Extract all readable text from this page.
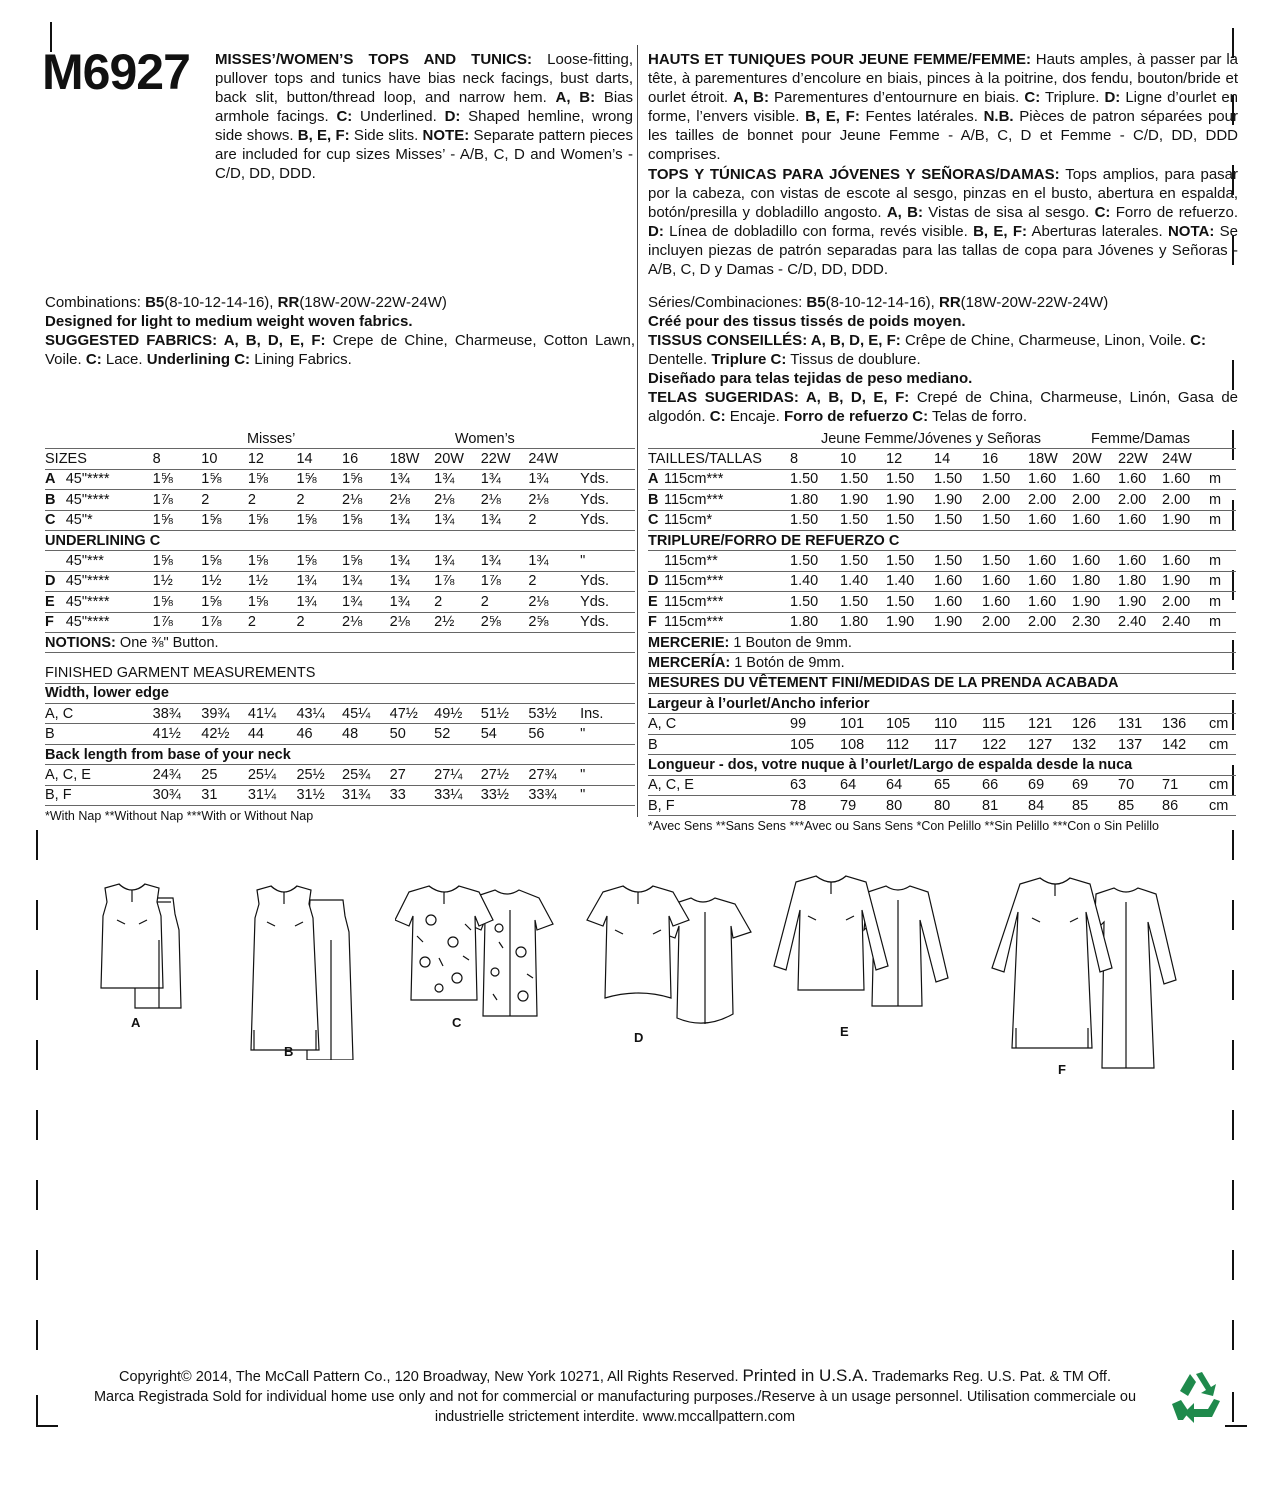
M6927 MISSES’/WOMEN’S TOPS AND TUNICS: Loose-fitting, pullover tops and tunics have bias neck facings, bust darts, back slit, button/thread loop, and narrow hem. A, B: Bias armhole facings. C: Underlined. D: Shaped hemline, wrong side shows. B, E, F: Side slits. NOTE: Separate pattern pieces are included for cup sizes Misses’ - A/B, C, D and Women’s - C/D, DD, DDD.
HAUTS ET TUNIQUES POUR JEUNE FEMME/FEMME: Hauts amples, à passer par la tête, à parementures d’encolure en biais, pinces à la poitrine, dos fendu, bouton/bride et ourlet étroit. A, B: Parementures d’entournure en biais. C: Triplure. D: Ligne d’ourlet en forme, l’envers visible. B, E, F: Fentes latérales. N.B. Pièces de patron séparées pour les tailles de bonnet pour Jeune Femme - A/B, C, D et Femme - C/D, DD, DDD comprises.
TOPS Y TÚNICAS PARA JÓVENES Y SEÑORAS/DAMAS: Tops amplios, para pasar por la cabeza, con vistas de escote al sesgo, pinzas en el busto, abertura en espalda, botón/presilla y dobladillo angosto. A, B: Vistas de sisa al sesgo. C: Forro de refuerzo. D: Línea de dobladillo con forma, revés visible. B, E, F: Aberturas laterales. NOTA: Se incluyen piezas de patrón separadas para las tallas de copa para Jóvenes y Señoras - A/B, C, D y Damas - C/D, DD, DDD.
Combinations: B5(8-10-12-14-16), RR(18W-20W-22W-24W)
Designed for light to medium weight woven fabrics.
SUGGESTED FABRICS: A, B, D, E, F: Crepe de Chine, Charmeuse, Cotton Lawn, Voile. C: Lace. Underlining C: Lining Fabrics.
Séries/Combinaciones: B5(8-10-12-14-16), RR(18W-20W-22W-24W)
Créé pour des tissus tissés de poids moyen.
TISSUS CONSEILLÉS: A, B, D, E, F: Crêpe de Chine, Charmeuse, Linon, Voile. C: Dentelle. Triplure C: Tissus de doublure.
Diseñado para telas tejidas de peso mediano.
TELAS SUGERIDAS: A, B, D, E, F: Crepé de China, Charmeuse, Linón, Gasa de algodón. C: Encaje. Forro de refuerzo C: Telas de forro.
		Misses’					Women’s				
SIZES		8	10	12	14	16	18W	20W	22W	24W	
A	45"****	1⅝	1⅝	1⅝	1⅝	1⅝	1¾	1¾	1¾	1¾	Yds.
B	45"****	1⅞	2	2	2	2⅛	2⅛	2⅛	2⅛	2⅛	Yds.
C	45"*	1⅝	1⅝	1⅝	1⅝	1⅝	1¾	1¾	1¾	2	Yds.
UNDERLINING C											
	45"***	1⅝	1⅝	1⅝	1⅝	1⅝	1¾	1¾	1¾	1¾	"
D	45"****	1½	1½	1½	1¾	1¾	1¾	1⅞	1⅞	2	Yds.
E	45"****	1⅝	1⅝	1⅝	1¾	1¾	1¾	2	2	2⅛	Yds.
F	45"****	1⅞	1⅞	2	2	2⅛	2⅛	2½	2⅝	2⅝	Yds.
NOTIONS: One ⅜" Button.											

FINISHED GARMENT MEASUREMENTS											
Width, lower edge											
A, C		38¾	39¾	41¼	43¼	45¼	47½	49½	51½	53½	Ins.
B		41½	42½	44	46	48	50	52	54	56	"
Back length from base of your neck											
A, C, E		24¾	25	25¼	25½	25¾	27	27¼	27½	27¾	"
B, F		30¾	31	31¼	31½	31¾	33	33¼	33½	33¾	"
*With Nap **Without Nap ***With or Without Nap											
		Jeune Femme/Jóvenes y Señoras						Femme/Damas			
TAILLES/TALLAS		8	10	12	14	16	18W	20W	22W	24W	
A	115cm***	1.50	1.50	1.50	1.50	1.50	1.60	1.60	1.60	1.60	m
B	115cm***	1.80	1.90	1.90	1.90	2.00	2.00	2.00	2.00	2.00	m
C	115cm*	1.50	1.50	1.50	1.50	1.50	1.60	1.60	1.60	1.90	m
TRIPLURE/FORRO DE REFUERZO C											
	115cm**	1.50	1.50	1.50	1.50	1.50	1.60	1.60	1.60	1.60	m
D	115cm***	1.40	1.40	1.40	1.60	1.60	1.60	1.80	1.80	1.90	m
E	115cm***	1.50	1.50	1.50	1.60	1.60	1.60	1.90	1.90	2.00	m
F	115cm***	1.80	1.80	1.90	1.90	2.00	2.00	2.30	2.40	2.40	m
MERCERIE: 1 Bouton de 9mm.											
MERCERÍA: 1 Botón de 9mm.											
MESURES DU VÊTEMENT FINI/MEDIDAS DE LA PRENDA ACABADA											
Largeur à l’ourlet/Ancho inferior											
A, C		99	101	105	110	115	121	126	131	136	cm
B		105	108	112	117	122	127	132	137	142	cm
Longueur - dos, votre nuque à l’ourlet/Largo de espalda desde la nuca											
A, C, E		63	64	64	65	66	69	69	70	71	cm
B, F		78	79	80	80	81	84	85	85	86	cm
*Avec Sens **Sans Sens ***Avec ou Sans Sens *Con Pelillo **Sin Pelillo ***Con o Sin Pelillo											
A
B
C
D	E
F
Copyright© 2014, The McCall Pattern Co., 120 Broadway, New York 10271, All Rights Reserved. Printed in U.S.A. Trademarks Reg. U.S. Pat. & TM Off.
Marca Registrada Sold for individual home use only and not for commercial or manufacturing purposes./Reserve à un usage personnel. Utilisation commerciale ou
industrielle strictement interdite. www.mccallpattern.com
